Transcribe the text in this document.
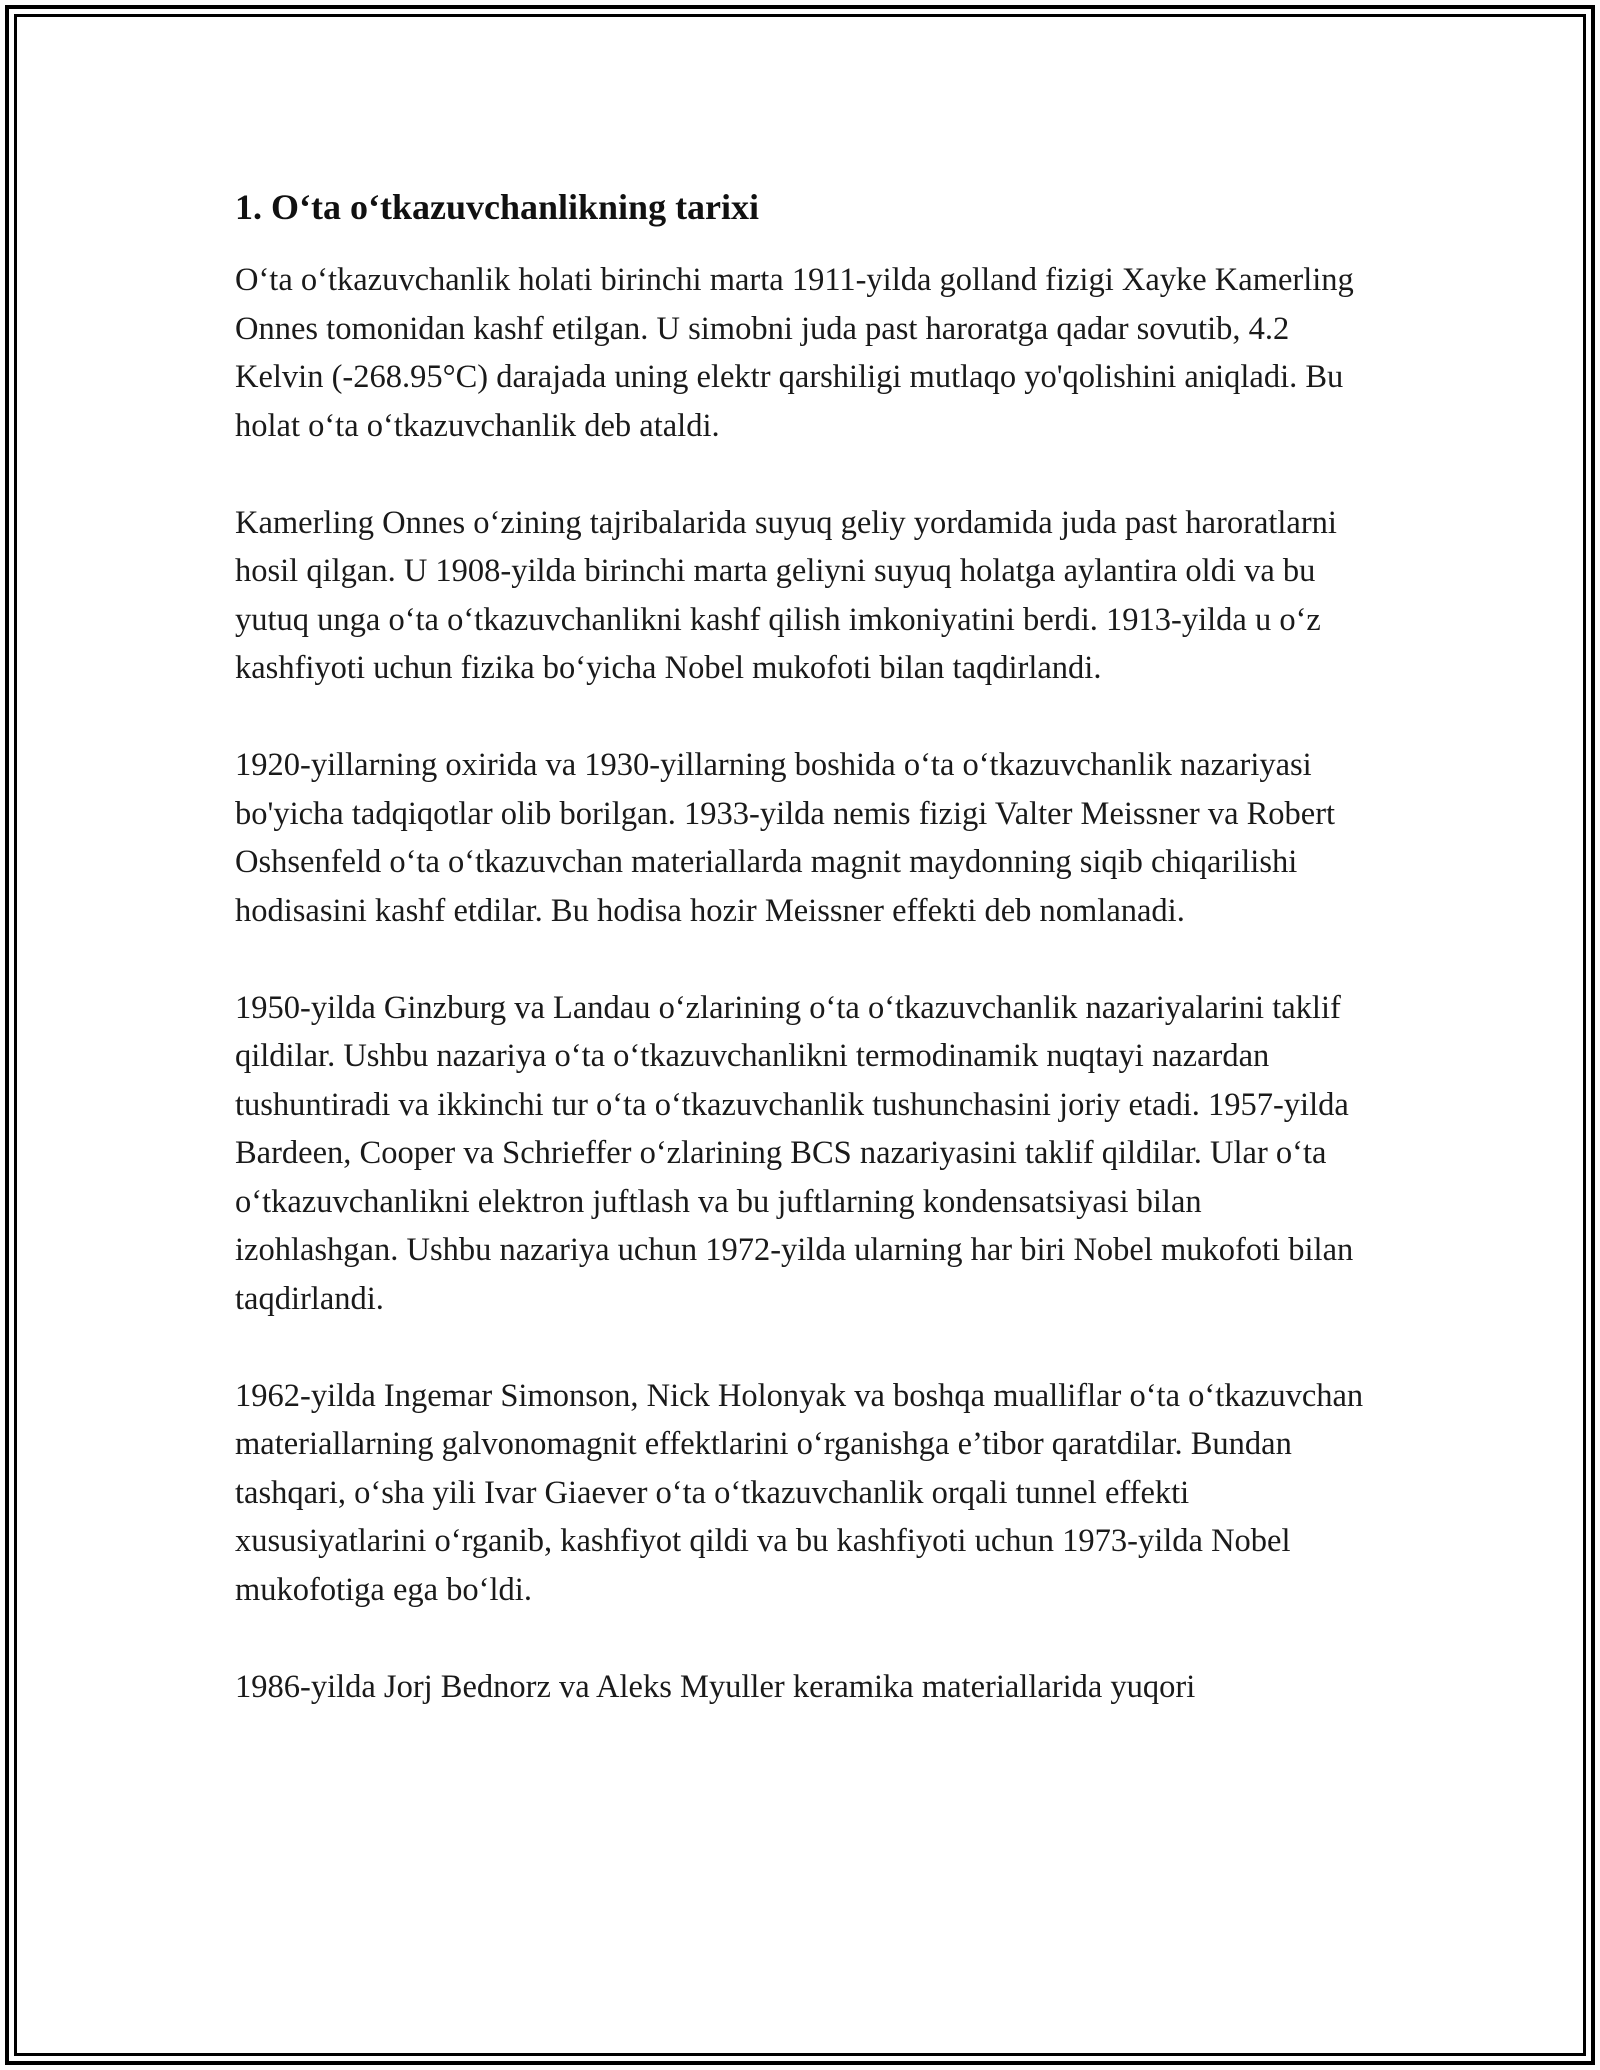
1. O‘ta o‘tkazuvchanlikning tarixi

O‘ta o‘tkazuvchanlik holati birinchi marta 1911-yilda golland fizigi Xayke Kamerling Onnes tomonidan kashf etilgan. U simobni juda past haroratga qadar sovutib, 4.2 Kelvin (-268.95°C) darajada uning elektr qarshiligi mutlaqo yo'qolishini aniqladi. Bu holat o‘ta o‘tkazuvchanlik deb ataldi.

Kamerling Onnes o‘zining tajribalarida suyuq geliy yordamida juda past haroratlarni hosil qilgan. U 1908-yilda birinchi marta geliyni suyuq holatga aylantira oldi va bu yutuq unga o‘ta o‘tkazuvchanlikni kashf qilish imkoniyatini berdi. 1913-yilda u o‘z kashfiyoti uchun fizika bo‘yicha Nobel mukofoti bilan taqdirlandi.

1920-yillarning oxirida va 1930-yillarning boshida o‘ta o‘tkazuvchanlik nazariyasi bo'yicha tadqiqotlar olib borilgan. 1933-yilda nemis fizigi Valter Meissner va Robert Oshsenfeld o‘ta o‘tkazuvchan materiallarda magnit maydonning siqib chiqarilishi hodisasini kashf etdilar. Bu hodisa hozir Meissner effekti deb nomlanadi.

1950-yilda Ginzburg va Landau o‘zlarining o‘ta o‘tkazuvchanlik nazariyalarini taklif qildilar. Ushbu nazariya o‘ta o‘tkazuvchanlikni termodinamik nuqtayi nazardan tushuntiradi va ikkinchi tur o‘ta o‘tkazuvchanlik tushunchasini joriy etadi. 1957-yilda Bardeen, Cooper va Schrieffer o‘zlarining BCS nazariyasini taklif qildilar. Ular o‘ta o‘tkazuvchanlikni elektron juftlash va bu juftlarning kondensatsiyasi bilan izohlashgan. Ushbu nazariya uchun 1972-yilda ularning har biri Nobel mukofoti bilan taqdirlandi.

1962-yilda Ingemar Simonson, Nick Holonyak va boshqa mualliflar o‘ta o‘tkazuvchan materiallarning galvonomagnit effektlarini o‘rganishga e’tibor qaratdilar. Bundan tashqari, o‘sha yili Ivar Giaever o‘ta o‘tkazuvchanlik orqali tunnel effekti xususiyatlarini o‘rganib, kashfiyot qildi va bu kashfiyoti uchun 1973-yilda Nobel mukofotiga ega bo‘ldi.

1986-yilda Jorj Bednorz va Aleks Myuller keramika materiallarida yuqori
